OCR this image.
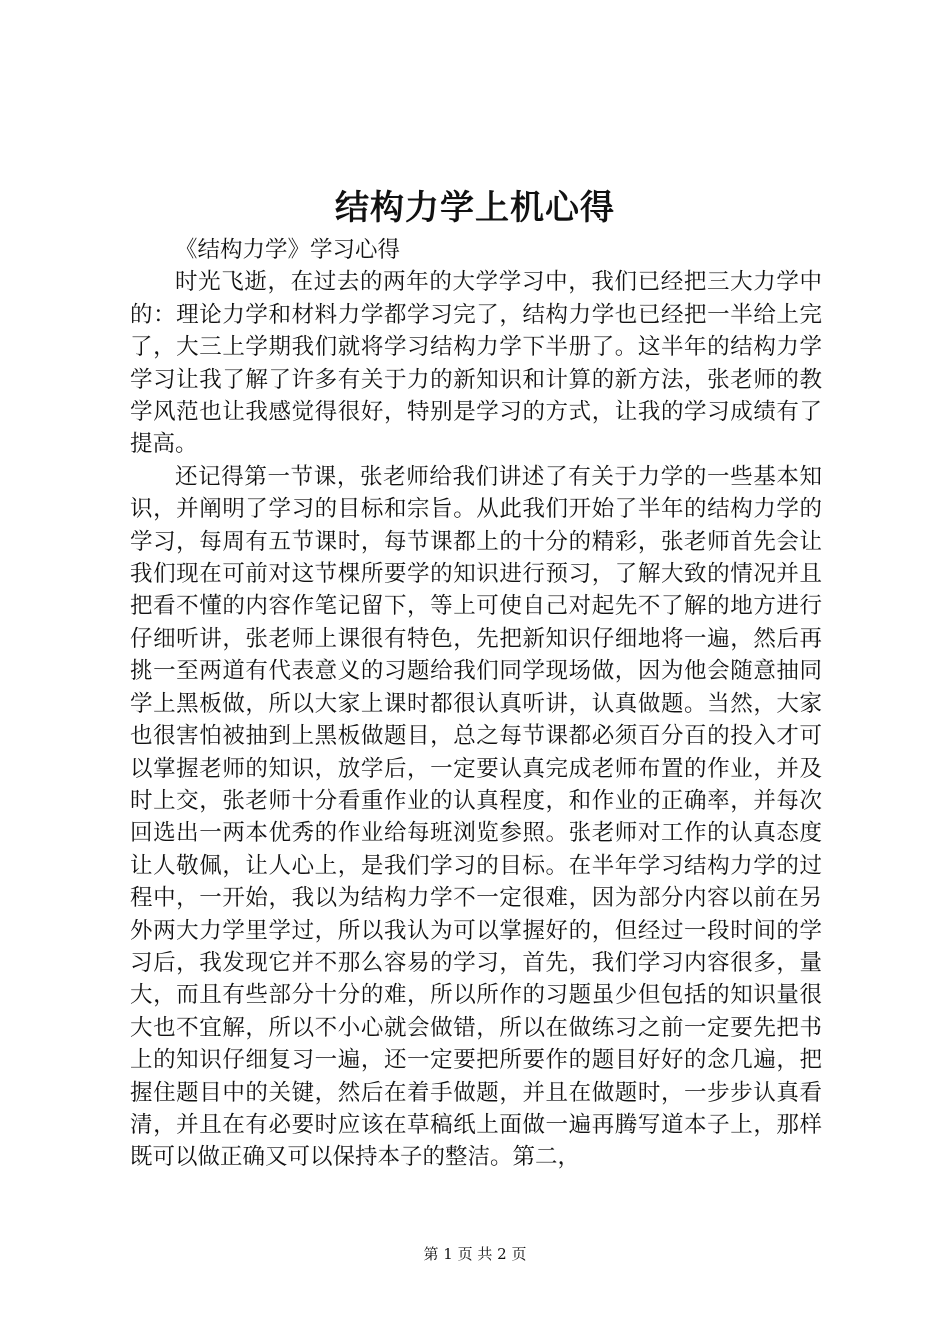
结构力学上机心得

《结构力学》学习心得

时光飞逝，在过去的两年的大学学习中，我们已经把三大力学中的：理论力学和材料力学都学习完了，结构力学也已经把一半给上完了，大三上学期我们就将学习结构力学下半册了。这半年的结构力学学习让我了解了许多有关于力的新知识和计算的新方法，张老师的教学风范也让我感觉得很好，特别是学习的方式，让我的学习成绩有了提高。

还记得第一节课，张老师给我们讲述了有关于力学的一些基本知识，并阐明了学习的目标和宗旨。从此我们开始了半年的结构力学的学习，每周有五节课时，每节课都上的十分的精彩，张老师首先会让我们现在可前对这节棵所要学的知识进行预习，了解大致的情况并且把看不懂的内容作笔记留下，等上可使自己对起先不了解的地方进行仔细听讲，张老师上课很有特色，先把新知识仔细地将一遍，然后再挑一至两道有代表意义的习题给我们同学现场做，因为他会随意抽同学上黑板做，所以大家上课时都很认真听讲，认真做题。当然，大家也很害怕被抽到上黑板做题目，总之每节课都必须百分百的投入才可以掌握老师的知识，放学后，一定要认真完成老师布置的作业，并及时上交，张老师十分看重作业的认真程度，和作业的正确率，并每次回选出一两本优秀的作业给每班浏览参照。张老师对工作的认真态度让人敬佩，让人心上，是我们学习的目标。在半年学习结构力学的过程中，一开始，我以为结构力学不一定很难，因为部分内容以前在另外两大力学里学过，所以我认为可以掌握好的，但经过一段时间的学习后，我发现它并不那么容易的学习，首先，我们学习内容很多，量大，而且有些部分十分的难，所以所作的习题虽少但包括的知识量很大也不宜解，所以不小心就会做错，所以在做练习之前一定要先把书上的知识仔细复习一遍，还一定要把所要作的题目好好的念几遍，把握住题目中的关键，然后在着手做题，并且在做题时，一步步认真看清，并且在有必要时应该在草稿纸上面做一遍再腾写道本子上，那样既可以做正确又可以保持本子的整洁。第二，

第 1 页 共 2 页
